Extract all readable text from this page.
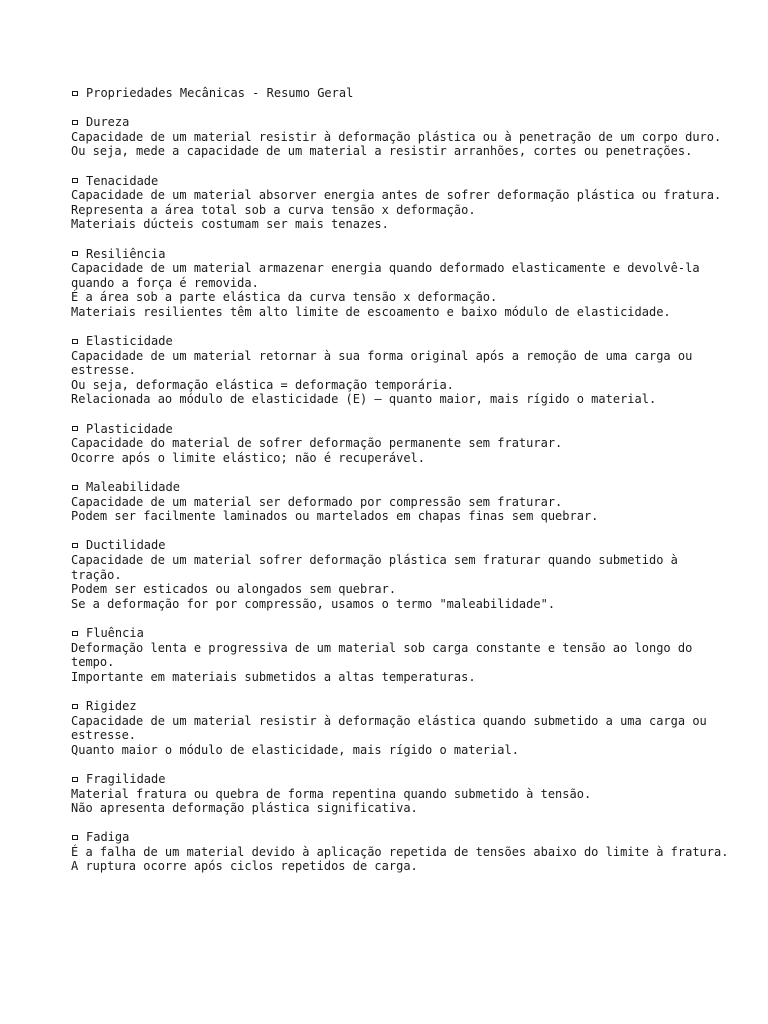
Propriedades Mecânicas - Resumo Geral
Dureza
Capacidade de um material resistir à deformação plástica ou à penetração de um corpo duro.
Ou seja, mede a capacidade de um material a resistir arranhões, cortes ou penetrações.
Tenacidade
Capacidade de um material absorver energia antes de sofrer deformação plástica ou fratura.
Representa a área total sob a curva tensão x deformação.
Materiais dúcteis costumam ser mais tenazes.
Resiliência
Capacidade de um material armazenar energia quando deformado elasticamente e devolvê-la quando a força é removida.
É a área sob a parte elástica da curva tensão x deformação.
Materiais resilientes têm alto limite de escoamento e baixo módulo de elasticidade.
Elasticidade
Capacidade de um material retornar à sua forma original após a remoção de uma carga ou estresse.
Ou seja, deformação elástica = deformação temporária.
Relacionada ao módulo de elasticidade (E) – quanto maior, mais rígido o material.
Plasticidade
Capacidade do material de sofrer deformação permanente sem fraturar.
Ocorre após o limite elástico; não é recuperável.
Maleabilidade
Capacidade de um material ser deformado por compressão sem fraturar.
Podem ser facilmente laminados ou martelados em chapas finas sem quebrar.
Ductilidade
Capacidade de um material sofrer deformação plástica sem fraturar quando submetido à tração.
Podem ser esticados ou alongados sem quebrar.
Se a deformação for por compressão, usamos o termo "maleabilidade".
Fluência
Deformação lenta e progressiva de um material sob carga constante e tensão ao longo do tempo.
Importante em materiais submetidos a altas temperaturas.
Rigidez
Capacidade de um material resistir à deformação elástica quando submetido a uma carga ou estresse.
Quanto maior o módulo de elasticidade, mais rígido o material.
Fragilidade
Material fratura ou quebra de forma repentina quando submetido à tensão.
Não apresenta deformação plástica significativa.
Fadiga
É a falha de um material devido à aplicação repetida de tensões abaixo do limite à fratura.
A ruptura ocorre após ciclos repetidos de carga.
